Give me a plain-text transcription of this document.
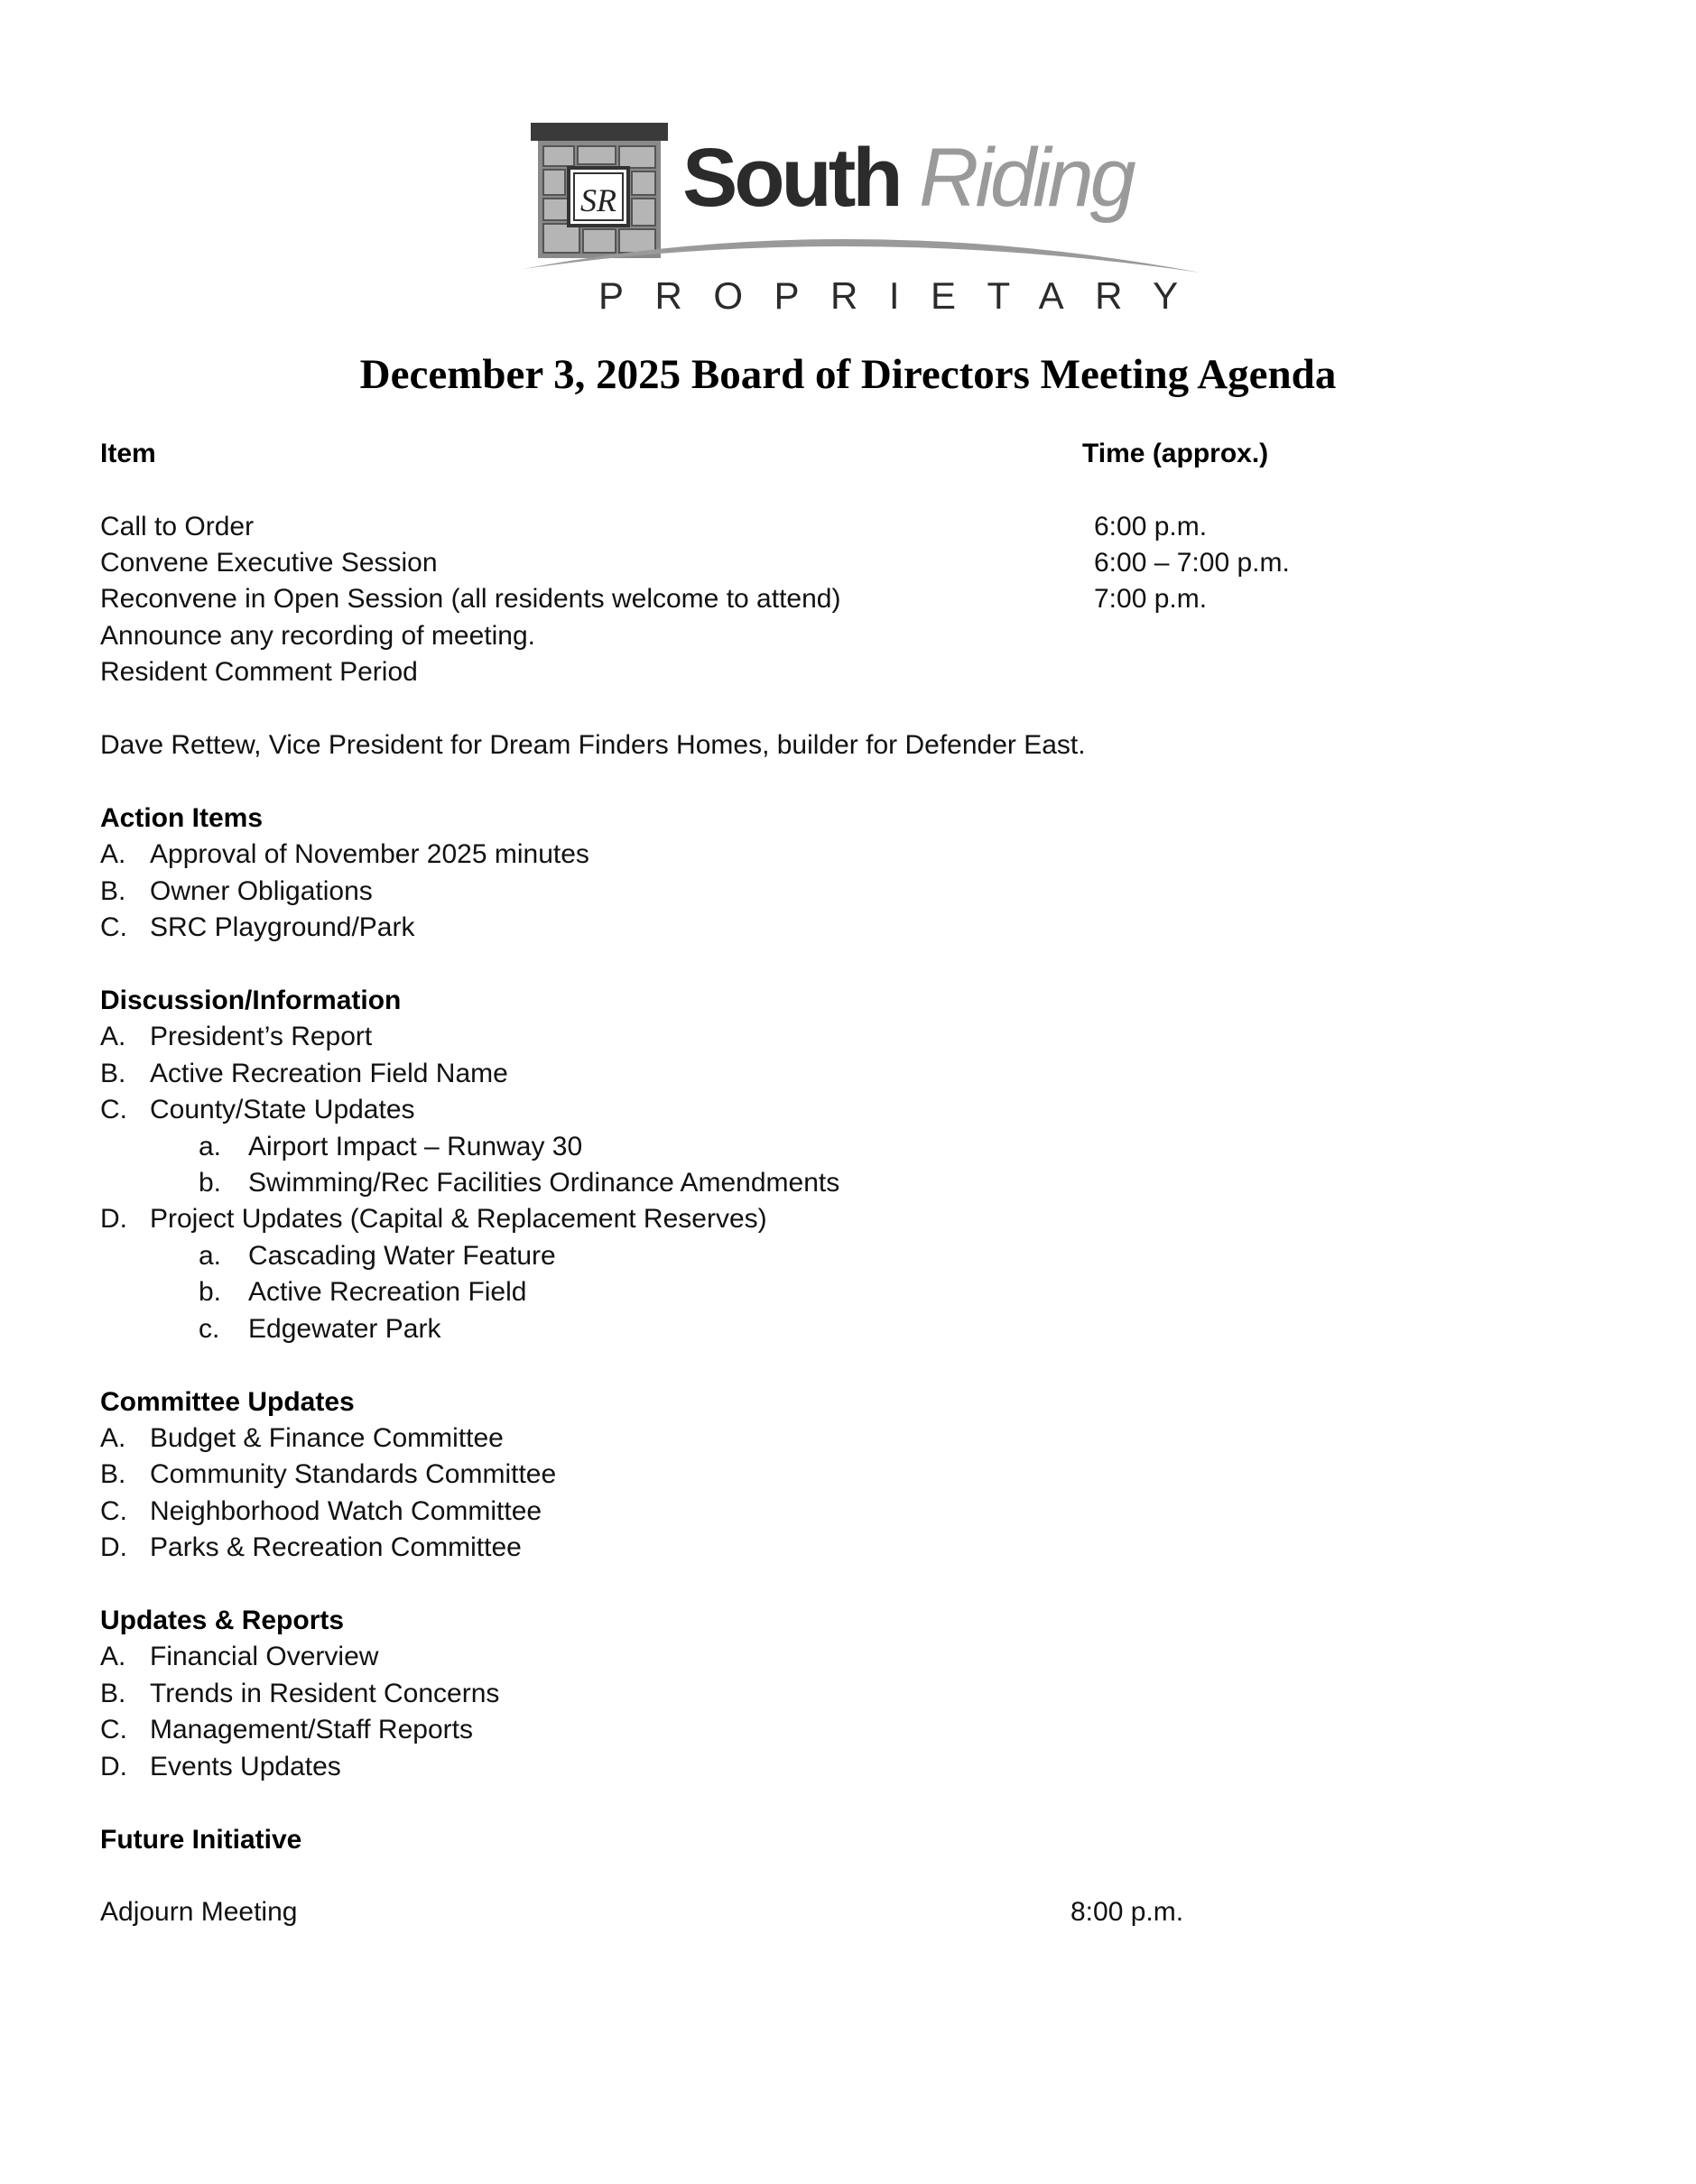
SR South Riding
PROPRIETARY
December 3, 2025 Board of Directors Meeting Agenda
Item	Time (approx.)
Call to Order	6:00 p.m.
Convene Executive Session	6:00 – 7:00 p.m.
Reconvene in Open Session (all residents welcome to attend)	7:00 p.m.
Announce any recording of meeting.
Resident Comment Period
Dave Rettew, Vice President for Dream Finders Homes, builder for Defender East.
Action Items
A. Approval of November 2025 minutes
B. Owner Obligations
C. SRC Playground/Park
Discussion/Information
A. President’s Report
B. Active Recreation Field Name
C. County/State Updates
a. Airport Impact – Runway 30
b. Swimming/Rec Facilities Ordinance Amendments
D. Project Updates (Capital & Replacement Reserves)
a. Cascading Water Feature
b. Active Recreation Field
c. Edgewater Park
Committee Updates
A. Budget & Finance Committee
B. Community Standards Committee
C. Neighborhood Watch Committee
D. Parks & Recreation Committee
Updates & Reports
A. Financial Overview
B. Trends in Resident Concerns
C. Management/Staff Reports
D. Events Updates
Future Initiative
Adjourn Meeting	8:00 p.m.
